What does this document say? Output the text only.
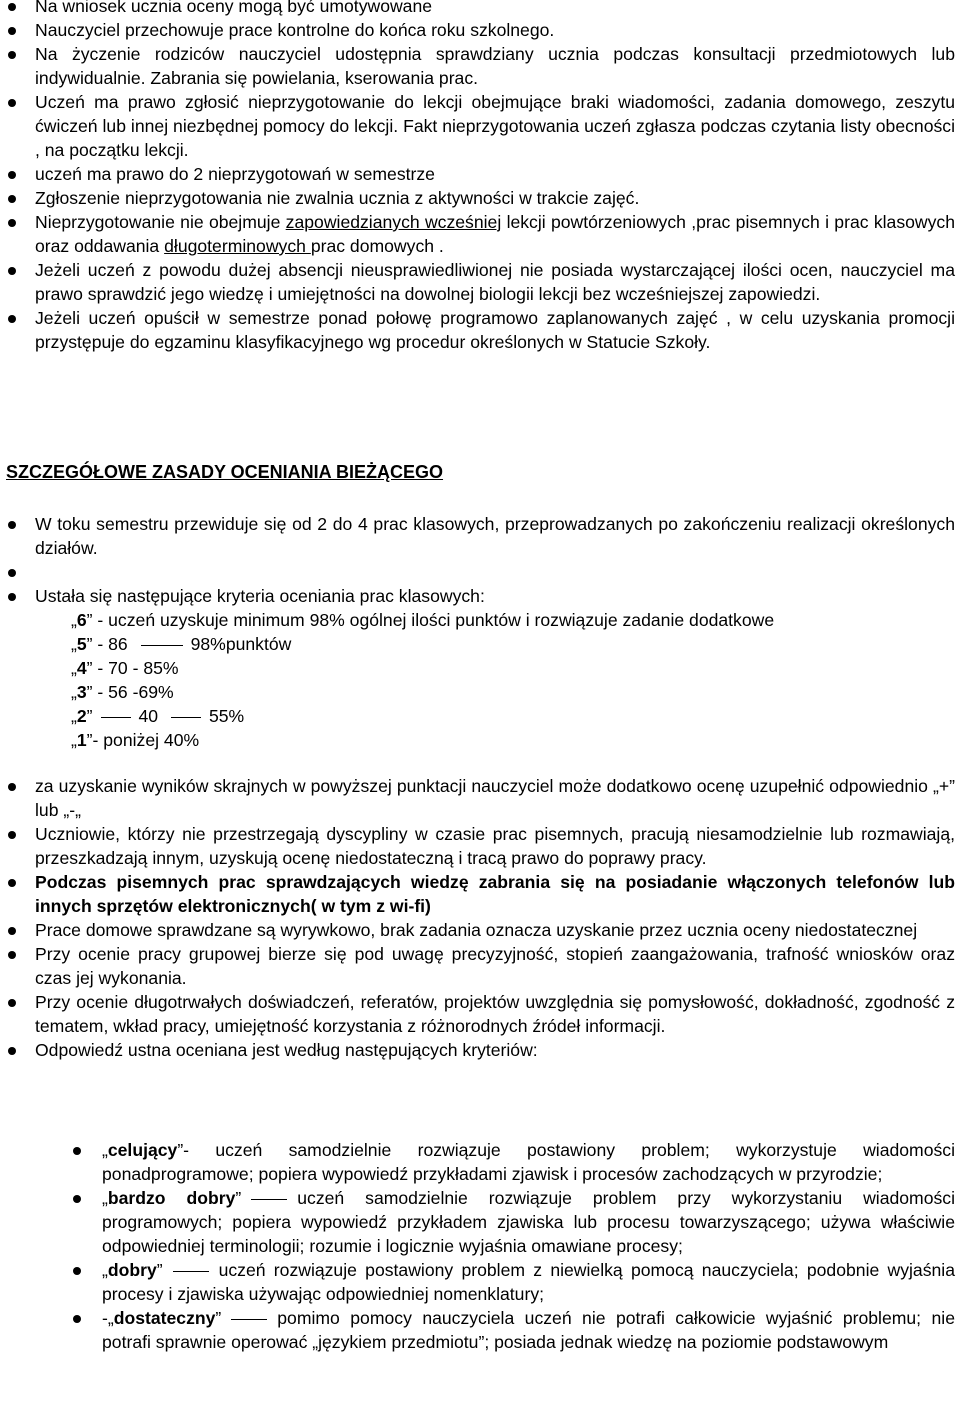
Na wniosek ucznia oceny mogą być umotywowane
Nauczyciel przechowuje prace kontrolne do końca roku szkolnego.
Na życzenie rodziców nauczyciel udostępnia sprawdziany ucznia podczas konsultacji przedmiotowych lub indywidualnie. Zabrania się powielania, kserowania prac.
Uczeń ma prawo zgłosić nieprzygotowanie do lekcji obejmujące braki wiadomości, zadania domowego, zeszytu ćwiczeń lub innej niezbędnej pomocy do lekcji. Fakt nieprzygotowania uczeń zgłasza podczas czytania listy obecności , na początku lekcji.
uczeń ma prawo do 2 nieprzygotowań w semestrze
Zgłoszenie nieprzygotowania nie zwalnia ucznia z aktywności w trakcie zajęć.
Nieprzygotowanie nie obejmuje zapowiedzianych wcześniej lekcji powtórzeniowych ,prac pisemnych i prac klasowych oraz oddawania długoterminowych prac domowych .
Jeżeli uczeń z powodu dużej absencji nieusprawiedliwionej nie posiada wystarczającej ilości ocen, nauczyciel ma prawo sprawdzić jego wiedzę i umiejętności na dowolnej biologii lekcji bez wcześniejszej zapowiedzi.
Jeżeli uczeń opuścił w semestrze ponad połowę programowo zaplanowanych zajęć , w celu uzyskania promocji przystępuje do egzaminu klasyfikacyjnego wg procedur określonych w Statucie Szkoły.
SZCZEGÓŁOWE ZASADY OCENIANIA BIEŻĄCEGO
W toku semestru przewiduje się od 2 do 4 prac klasowych, przeprowadzanych po zakończeniu realizacji określonych działów.
Ustała się następujące kryteria oceniania prac klasowych:
„6” - uczeń uzyskuje minimum 98% ogólnej ilości punktów i rozwiązuje zadanie dodatkowe
„5” - 86	98%punktów
„4” - 70 - 85%
„3” - 56 -69%
„2”	40	55%
„1”- poniżej 40%
za uzyskanie wyników skrajnych w powyższej punktacji nauczyciel może dodatkowo ocenę uzupełnić odpowiednio „+” lub „-„
Uczniowie, którzy nie przestrzegają dyscypliny w czasie prac pisemnych, pracują niesamodzielnie lub rozmawiają, przeszkadzają innym, uzyskują ocenę niedostateczną i tracą prawo do poprawy pracy.
Podczas pisemnych prac sprawdzających wiedzę zabrania się na posiadanie włączonych telefonów lub innych sprzętów elektronicznych( w tym z wi-fi)
Prace domowe sprawdzane są wyrywkowo, brak zadania oznacza uzyskanie przez ucznia oceny niedostatecznej
Przy ocenie pracy grupowej bierze się pod uwagę precyzyjność, stopień zaangażowania, trafność wniosków oraz czas jej wykonania.
Przy ocenie długotrwałych doświadczeń, referatów, projektów uwzględnia się pomysłowość, dokładność, zgodność z tematem, wkład pracy, umiejętność korzystania z różnorodnych źródeł informacji.
Odpowiedź ustna oceniana jest według następujących kryteriów:
„celujący”- uczeń samodzielnie rozwiązuje postawiony problem; wykorzystuje wiadomości ponadprogramowe; popiera wypowiedź przykładami zjawisk i procesów zachodzących w przyrodzie;
„bardzo dobry”	uczeń samodzielnie rozwiązuje problem przy wykorzystaniu wiadomości programowych; popiera wypowiedź przykładem zjawiska lub procesu towarzyszącego; używa właściwie odpowiedniej terminologii; rozumie i logicznie wyjaśnia omawiane procesy;
„dobry”	uczeń rozwiązuje postawiony problem z niewielką pomocą nauczyciela; podobnie wyjaśnia procesy i zjawiska używając odpowiedniej nomenklatury;
-„dostateczny”	pomimo pomocy nauczyciela uczeń nie potrafi całkowicie wyjaśnić problemu; nie potrafi sprawnie operować „językiem przedmiotu”; posiada jednak wiedzę na poziomie podstawowym
